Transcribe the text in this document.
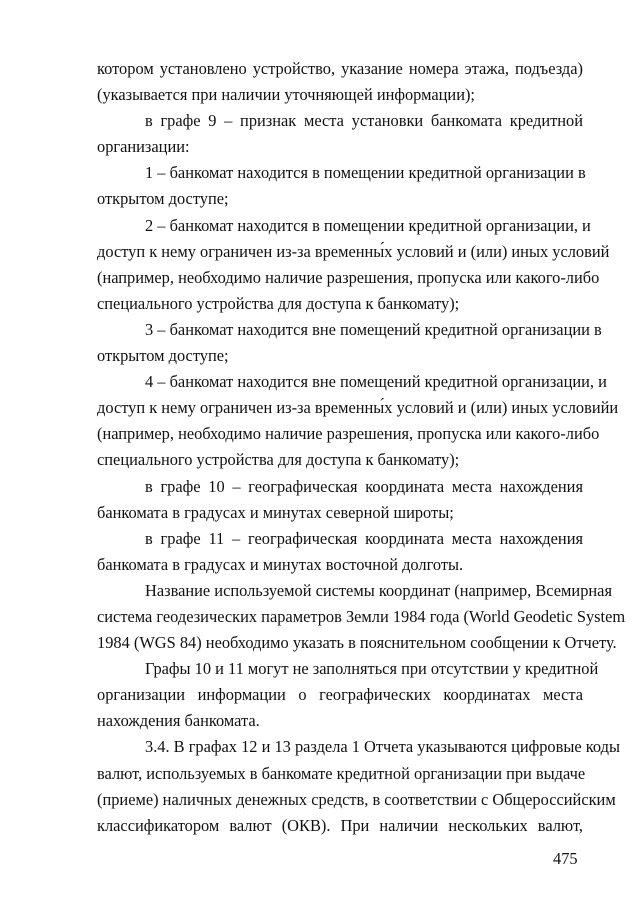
котором установлено устройство, указание номера этажа, подъезда)
(указывается при наличии уточняющей информации);
в графе 9 – признак места установки банкомата кредитной
организации:
1 – банкомат находится в помещении кредитной организации в
открытом доступе;
2 – банкомат находится в помещении кредитной организации, и
доступ к нему ограничен из-за временны́х условий и (или) иных условий
(например, необходимо наличие разрешения, пропуска или какого-либо
специального устройства для доступа к банкомату);
3 – банкомат находится вне помещений кредитной организации в
открытом доступе;
4 – банкомат находится вне помещений кредитной организации, и
доступ к нему ограничен из-за временны́х условий и (или) иных условийи
(например, необходимо наличие разрешения, пропуска или какого-либо
специального устройства для доступа к банкомату);
в графе 10 – географическая координата места нахождения
банкомата в градусах и минутах северной широты;
в графе 11 – географическая координата места нахождения
банкомата в градусах и минутах восточной долготы.
Название используемой системы координат (например, Всемирная
система геодезических параметров Земли 1984 года (World Geodetic System
1984 (WGS 84) необходимо указать в пояснительном сообщении к Отчету.
Графы 10 и 11 могут не заполняться при отсутствии у кредитной
организации информации о географических координатах места
нахождения банкомата.
3.4. В графах 12 и 13 раздела 1 Отчета указываются цифровые коды
валют, используемых в банкомате кредитной организации при выдаче
(приеме) наличных денежных средств, в соответствии с Общероссийским
классификатором валют (ОКВ). При наличии нескольких валют,
475
